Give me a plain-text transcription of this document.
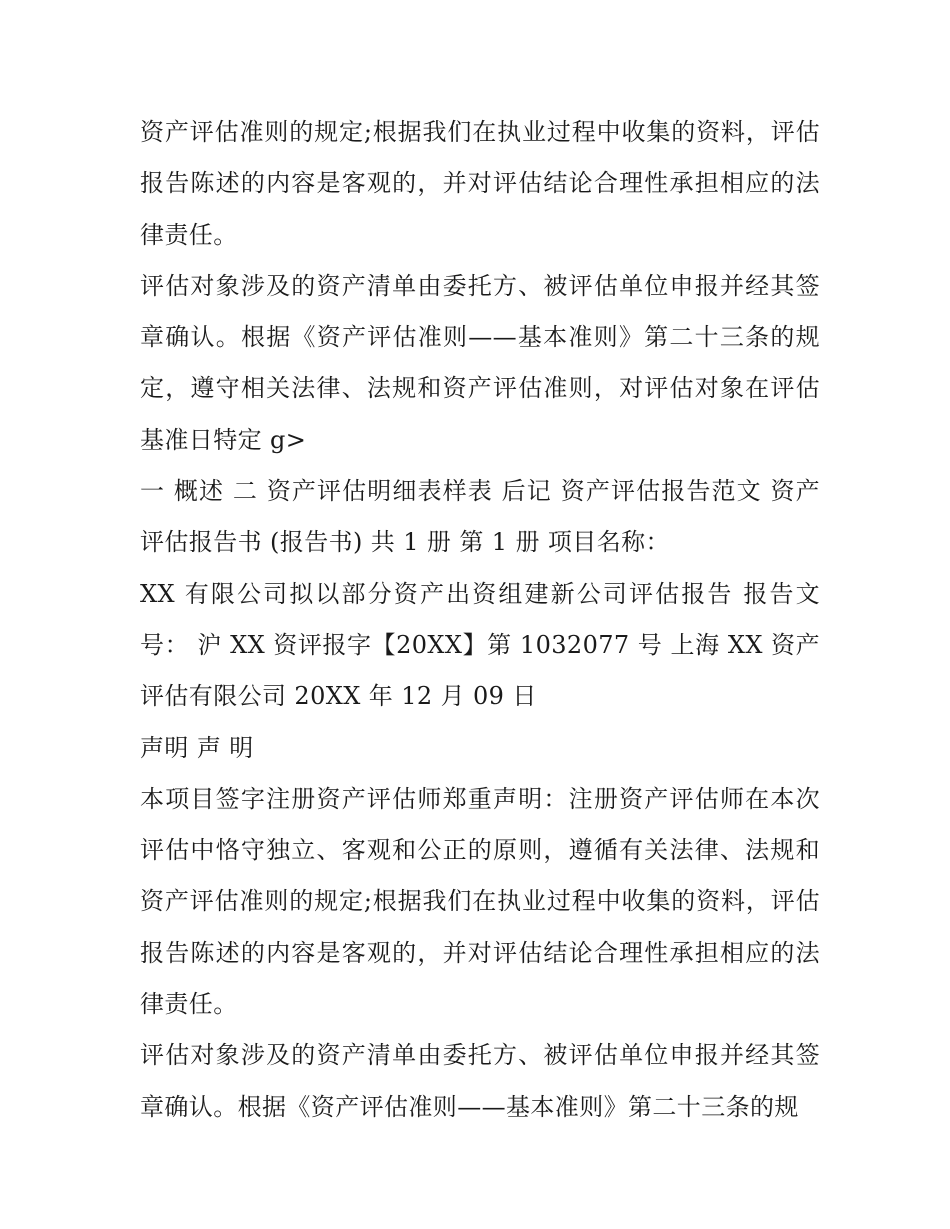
资产评估准则的规定;根据我们在执业过程中收集的资料，评估报告陈述的内容是客观的，并对评估结论合理性承担相应的法律责任。

评估对象涉及的资产清单由委托方、被评估单位申报并经其签章确认。根据《资产评估准则——基本准则》第二十三条的规定，遵守相关法律、法规和资产评估准则，对评估对象在评估基准日特定 g>

一 概述 二 资产评估明细表样表 后记 资产评估报告范文 资产评估报告书 (报告书) 共 1 册 第 1 册 项目名称：

XX 有限公司拟以部分资产出资组建新公司评估报告 报告文号： 沪 XX 资评报字【20XX】第 1032077 号 上海 XX 资产评估有限公司 20XX 年 12 月 09 日

声明 声 明

本项目签字注册资产评估师郑重声明：注册资产评估师在本次评估中恪守独立、客观和公正的原则，遵循有关法律、法规和资产评估准则的规定;根据我们在执业过程中收集的资料，评估报告陈述的内容是客观的，并对评估结论合理性承担相应的法律责任。

评估对象涉及的资产清单由委托方、被评估单位申报并经其签章确认。根据《资产评估准则——基本准则》第二十三条的规
